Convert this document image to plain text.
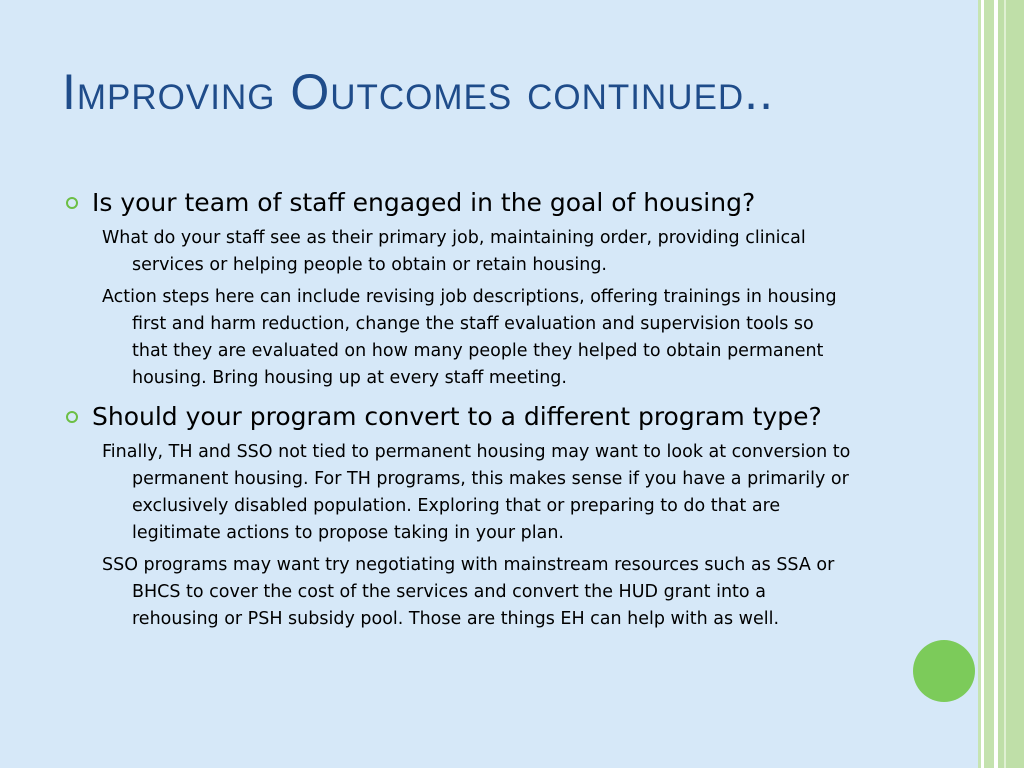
Improving Outcomes continued..

Is your team of staff engaged in the goal of housing?

What do your staff see as their primary job, maintaining order, providing clinical services or helping people to obtain or retain housing.

Action steps here can include revising job descriptions, offering trainings in housing first and harm reduction, change the staff evaluation and supervision tools so that they are evaluated on how many people they helped to obtain permanent housing. Bring housing up at every staff meeting.

Should your program convert to a different program type?

Finally, TH and SSO not tied to permanent housing may want to look at conversion to permanent housing. For TH programs, this makes sense if you have a primarily or exclusively disabled population. Exploring that or preparing to do that are legitimate actions to propose taking in your plan.

SSO programs may want try negotiating with mainstream resources such as SSA or BHCS to cover the cost of the services and convert the HUD grant into a rehousing or PSH subsidy pool. Those are things EH can help with as well.
